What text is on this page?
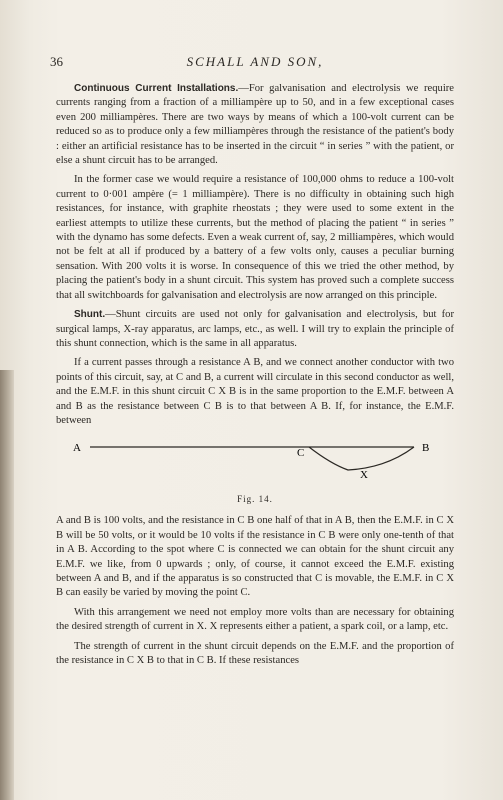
36	SCHALL AND SON,

Continuous Current Installations.—For galvanisation and electrolysis we require currents ranging from a fraction of a milliampère up to 50, and in a few exceptional cases even 200 milliampères. There are two ways by means of which a 100-volt current can be reduced so as to produce only a few milliampères through the resistance of the patient's body : either an artificial resistance has to be inserted in the circuit “ in series ” with the patient, or else a shunt circuit has to be arranged.

In the former case we would require a resistance of 100,000 ohms to reduce a 100-volt current to 0·001 ampère (= 1 milliampère). There is no difficulty in obtaining such high resistances, for instance, with graphite rheostats ; they were used to some extent in the earliest attempts to utilize these currents, but the method of placing the patient “ in series ” with the dynamo has some defects. Even a weak current of, say, 2 milliampères, which would not be felt at all if produced by a battery of a few volts only, causes a peculiar burning sensation. With 200 volts it is worse. In consequence of this we tried the other method, by placing the patient's body in a shunt circuit. This system has proved such a complete success that all switchboards for galvanisation and electrolysis are now arranged on this principle.

Shunt.—Shunt circuits are used not only for galvanisation and electrolysis, but for surgical lamps, X-ray apparatus, arc lamps, etc., as well. I will try to explain the principle of this shunt connection, which is the same in all apparatus.

If a current passes through a resistance A B, and we connect another conductor with two points of this circuit, say, at C and B, a current will circulate in this second conductor as well, and the E.M.F. in this shunt circuit C X B is in the same proportion to the E.M.F. between A and B as the resistance between C B is to that between A B. If, for instance, the E.M.F. between

A	B
C
X
Fig. 14.

A and B is 100 volts, and the resistance in C B one half of that in A B, then the E.M.F. in C X B will be 50 volts, or it would be 10 volts if the resistance in C B were only one-tenth of that in A B. According to the spot where C is connected we can obtain for the shunt circuit any E.M.F. we like, from 0 upwards ; only, of course, it cannot exceed the E.M.F. existing between A and B, and if the apparatus is so constructed that C is movable, the E.M.F. in C X B can easily be varied by moving the point C.

With this arrangement we need not employ more volts than are necessary for obtaining the desired strength of current in X. X represents either a patient, a spark coil, or a lamp, etc.

The strength of current in the shunt circuit depends on the E.M.F. and the proportion of the resistance in C X B to that in C B. If these resistances
